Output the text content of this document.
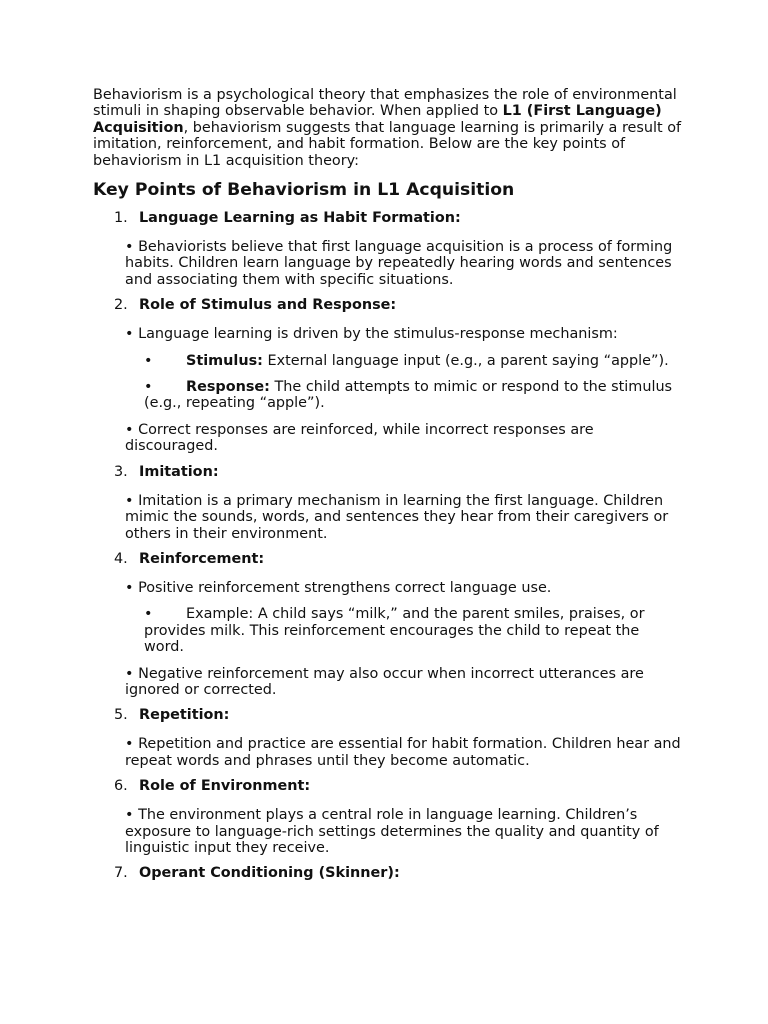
Behaviorism is a psychological theory that emphasizes the role of environmental stimuli in shaping observable behavior. When applied to L1 (First Language) Acquisition, behaviorism suggests that language learning is primarily a result of imitation, reinforcement, and habit formation. Below are the key points of behaviorism in L1 acquisition theory:

Key Points of Behaviorism in L1 Acquisition
1. Language Learning as Habit Formation:
• Behaviorists believe that first language acquisition is a process of forming habits. Children learn language by repeatedly hearing words and sentences and associating them with specific situations.
2. Role of Stimulus and Response:
• Language learning is driven by the stimulus-response mechanism:
• Stimulus: External language input (e.g., a parent saying “apple”).
• Response: The child attempts to mimic or respond to the stimulus (e.g., repeating “apple”).
• Correct responses are reinforced, while incorrect responses are discouraged.
3. Imitation:
• Imitation is a primary mechanism in learning the first language. Children mimic the sounds, words, and sentences they hear from their caregivers or others in their environment.
4. Reinforcement:
• Positive reinforcement strengthens correct language use.
• Example: A child says “milk,” and the parent smiles, praises, or provides milk. This reinforcement encourages the child to repeat the word.
• Negative reinforcement may also occur when incorrect utterances are ignored or corrected.
5. Repetition:
• Repetition and practice are essential for habit formation. Children hear and repeat words and phrases until they become automatic.
6. Role of Environment:
• The environment plays a central role in language learning. Children’s exposure to language-rich settings determines the quality and quantity of linguistic input they receive.
7. Operant Conditioning (Skinner):
